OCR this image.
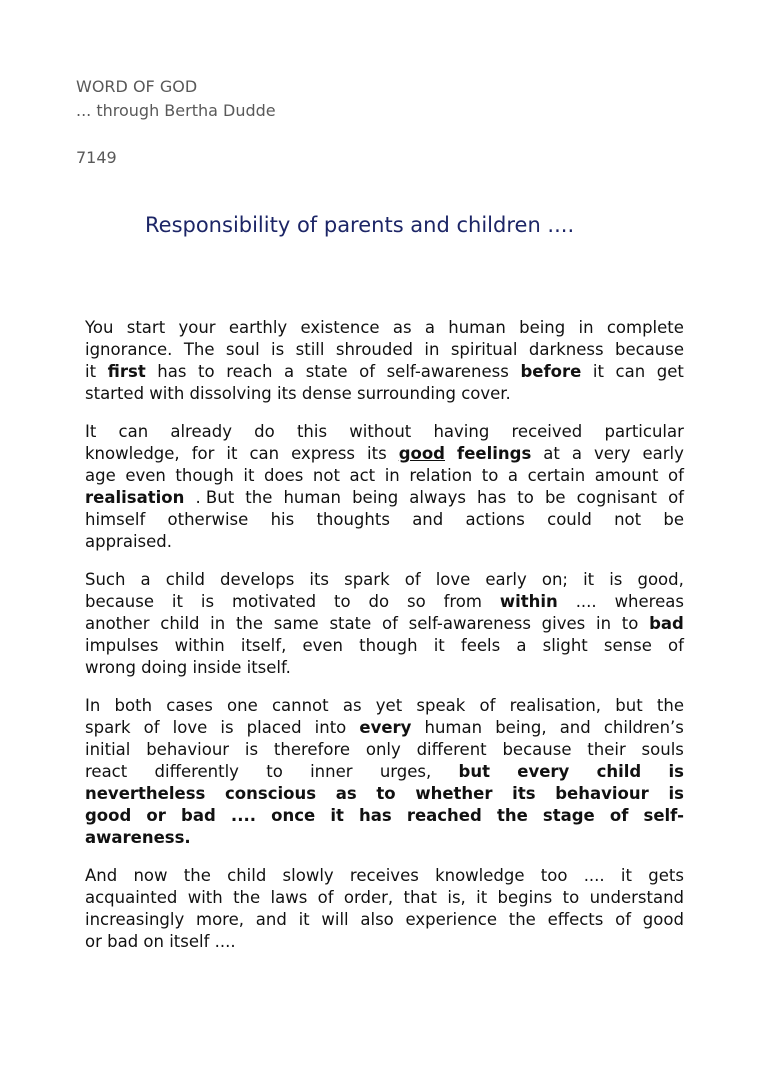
WORD OF GOD
... through Bertha Dudde
7149
Responsibility of parents and children ....
You start your earthly existence as a human being in complete
ignorance. The soul is still shrouded in spiritual darkness because
it first has to reach a state of self-awareness before it can get
started with dissolving its dense surrounding cover.
It can already do this without having received particular
knowledge, for it can express its good feelings at a very early
age even though it does not act in relation to a certain amount of
realisation . But the human being always has to be cognisant of
himself otherwise his thoughts and actions could not be
appraised.
Such a child develops its spark of love early on; it is good,
because it is motivated to do so from within .... whereas
another child in the same state of self-awareness gives in to bad
impulses within itself, even though it feels a slight sense of
wrong doing inside itself.
In both cases one cannot as yet speak of realisation, but the
spark of love is placed into every human being, and children’s
initial behaviour is therefore only different because their souls
react differently to inner urges, but every child is
nevertheless conscious as to whether its behaviour is
good or bad .... once it has reached the stage of self-
awareness.
And now the child slowly receives knowledge too .... it gets
acquainted with the laws of order, that is, it begins to understand
increasingly more, and it will also experience the effects of good
or bad on itself ....
